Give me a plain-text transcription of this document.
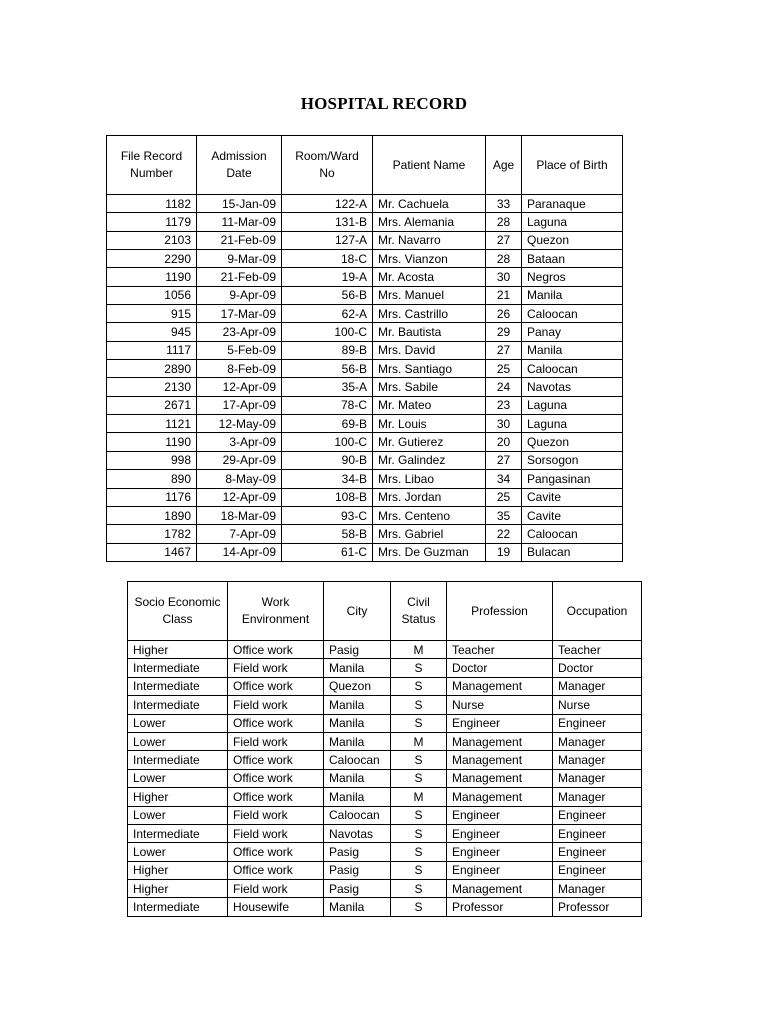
HOSPITAL RECORD
File Record Number	Admission Date	Room/Ward No	Patient Name	Age	Place of Birth
1182	15-Jan-09	122-A	Mr. Cachuela	33	Paranaque
1179	11-Mar-09	131-B	Mrs. Alemania	28	Laguna
2103	21-Feb-09	127-A	Mr. Navarro	27	Quezon
2290	9-Mar-09	18-C	Mrs. Vianzon	28	Bataan
1190	21-Feb-09	19-A	Mr. Acosta	30	Negros
1056	9-Apr-09	56-B	Mrs. Manuel	21	Manila
915	17-Mar-09	62-A	Mrs. Castrillo	26	Caloocan
945	23-Apr-09	100-C	Mr. Bautista	29	Panay
1117	5-Feb-09	89-B	Mrs. David	27	Manila
2890	8-Feb-09	56-B	Mrs. Santiago	25	Caloocan
2130	12-Apr-09	35-A	Mrs. Sabile	24	Navotas
2671	17-Apr-09	78-C	Mr. Mateo	23	Laguna
1121	12-May-09	69-B	Mr. Louis	30	Laguna
1190	3-Apr-09	100-C	Mr. Gutierez	20	Quezon
998	29-Apr-09	90-B	Mr. Galindez	27	Sorsogon
890	8-May-09	34-B	Mrs. Libao	34	Pangasinan
1176	12-Apr-09	108-B	Mrs. Jordan	25	Cavite
1890	18-Mar-09	93-C	Mrs. Centeno	35	Cavite
1782	7-Apr-09	58-B	Mrs. Gabriel	22	Caloocan
1467	14-Apr-09	61-C	Mrs. De Guzman	19	Bulacan
Socio Economic Class	Work Environment	City	Civil Status	Profession	Occupation
Higher	Office work	Pasig	M	Teacher	Teacher
Intermediate	Field work	Manila	S	Doctor	Doctor
Intermediate	Office work	Quezon	S	Management	Manager
Intermediate	Field work	Manila	S	Nurse	Nurse
Lower	Office work	Manila	S	Engineer	Engineer
Lower	Field work	Manila	M	Management	Manager
Intermediate	Office work	Caloocan	S	Management	Manager
Lower	Office work	Manila	S	Management	Manager
Higher	Office work	Manila	M	Management	Manager
Lower	Field work	Caloocan	S	Engineer	Engineer
Intermediate	Field work	Navotas	S	Engineer	Engineer
Lower	Office work	Pasig	S	Engineer	Engineer
Higher	Office work	Pasig	S	Engineer	Engineer
Higher	Field work	Pasig	S	Management	Manager
Intermediate	Housewife	Manila	S	Professor	Professor
